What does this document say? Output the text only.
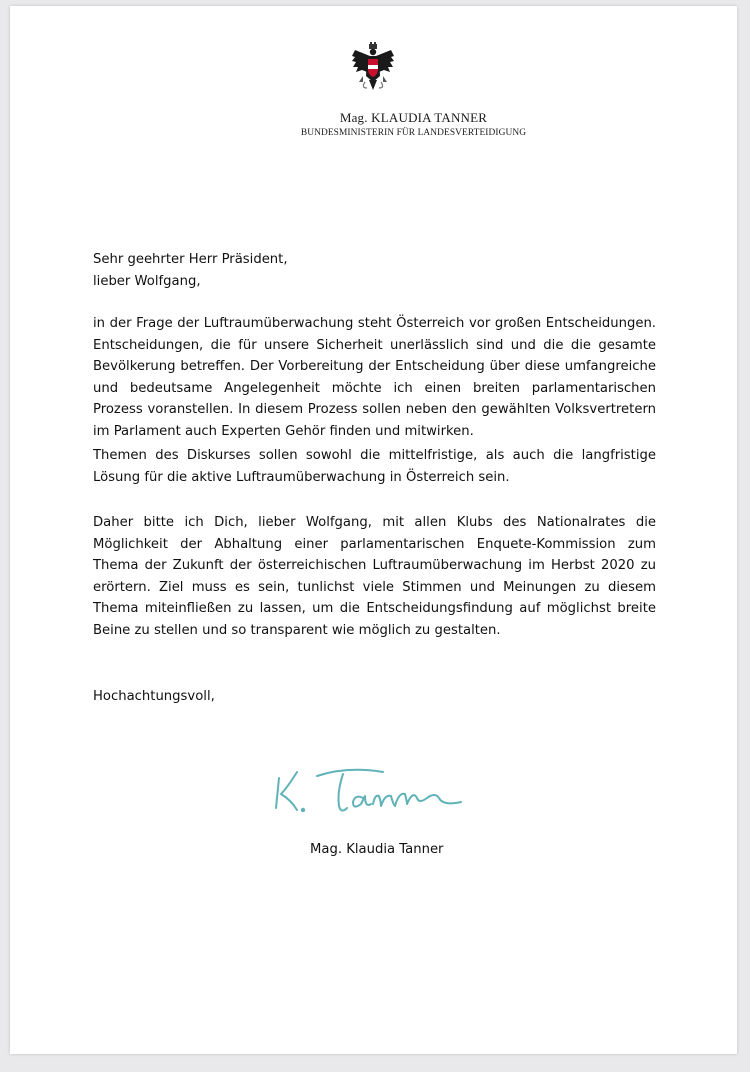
Mag. KLAUDIA TANNER
BUNDESMINISTERIN FÜR LANDESVERTEIDIGUNG
Sehr geehrter Herr Präsident,
lieber Wolfgang,
in der Frage der Luftraumüberwachung steht Österreich vor großen Entscheidungen. Entscheidungen, die für unsere Sicherheit unerlässlich sind und die die gesamte Bevölkerung betreffen. Der Vorbereitung der Entscheidung über diese umfangreiche und bedeutsame Angelegenheit möchte ich einen breiten parlamentarischen Prozess voranstellen. In diesem Prozess sollen neben den gewählten Volksvertretern im Parlament auch Experten Gehör finden und mitwirken.
Themen des Diskurses sollen sowohl die mittelfristige, als auch die langfristige Lösung für die aktive Luftraumüberwachung in Österreich sein.
Daher bitte ich Dich, lieber Wolfgang, mit allen Klubs des Nationalrates die Möglichkeit der Abhaltung einer parlamentarischen Enquete-Kommission zum Thema der Zukunft der österreichischen Luftraumüberwachung im Herbst 2020 zu erörtern. Ziel muss es sein, tunlichst viele Stimmen und Meinungen zu diesem Thema miteinfließen zu lassen, um die Entscheidungsfindung auf möglichst breite Beine zu stellen und so transparent wie möglich zu gestalten.
Hochachtungsvoll,
Mag. Klaudia Tanner
